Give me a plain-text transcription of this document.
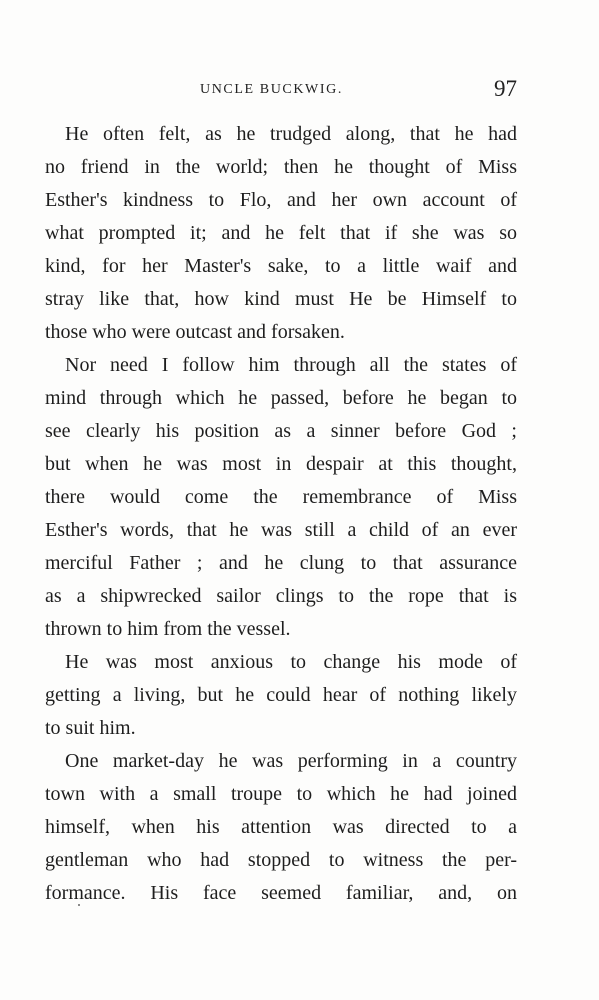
UNCLE BUCKWIG.	97
He often felt, as he trudged along, that he had
no friend in the world; then he thought of Miss
Esther's kindness to Flo, and her own account of
what prompted it; and he felt that if she was so
kind, for her Master's sake, to a little waif and
stray like that, how kind must He be Himself to
those who were outcast and forsaken.
Nor need I follow him through all the states of
mind through which he passed, before he began to
see clearly his position as a sinner before God ;
but when he was most in despair at this thought,
there would come the remembrance of Miss
Esther's words, that he was still a child of an ever
merciful Father ; and he clung to that assurance
as a shipwrecked sailor clings to the rope that is
thrown to him from the vessel.
He was most anxious to change his mode of
getting a living, but he could hear of nothing likely
to suit him.
One market-day he was performing in a country
town with a small troupe to which he had joined
himself, when his attention was directed to a
gentleman who had stopped to witness the per-
formance. His face seemed familiar, and, on
